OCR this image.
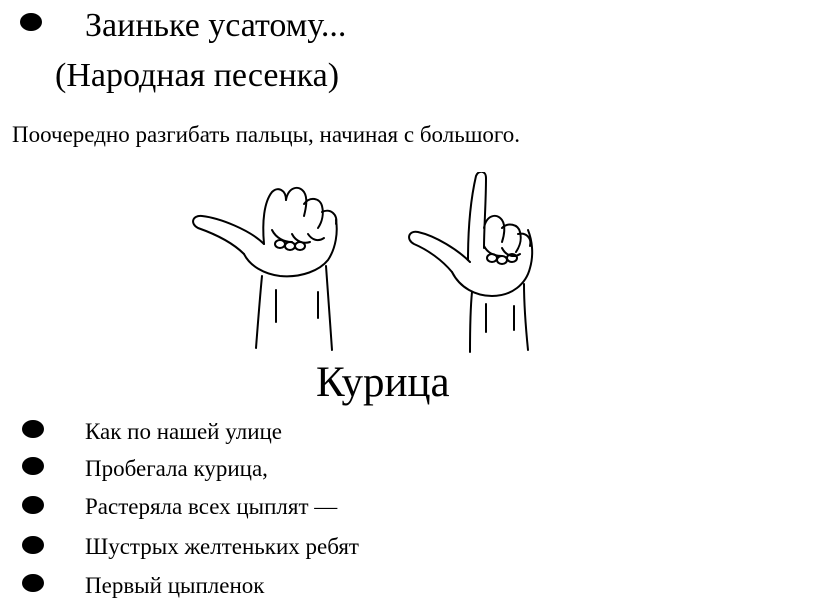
Заиньке усатому...
(Народная песенка)
Поочередно разгибать пальцы, начиная с большого.
Курица
Как по нашей улице
Пробегала курица,
Растеряла всех цыплят —
Шустрых желтеньких ребят
Первый цыпленок
